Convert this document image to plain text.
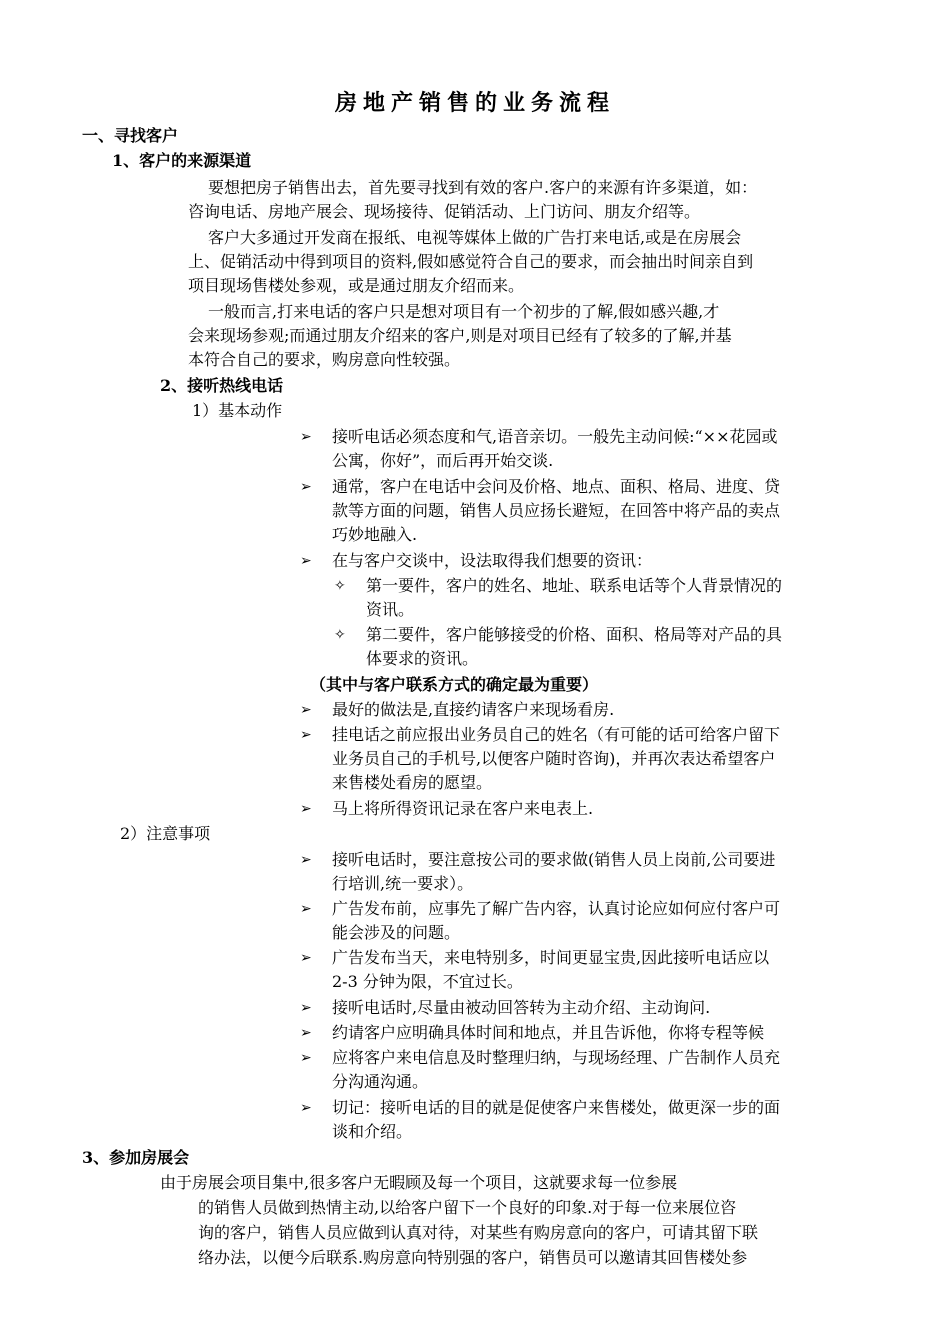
房地产销售的业务流程
一、寻找客户
1、客户的来源渠道
要想把房子销售出去，首先要寻找到有效的客户.客户的来源有许多渠道，如：
咨询电话、房地产展会、现场接待、促销活动、上门访问、朋友介绍等。
客户大多通过开发商在报纸、电视等媒体上做的广告打来电话,或是在房展会
上、促销活动中得到项目的资料,假如感觉符合自己的要求，而会抽出时间亲自到
项目现场售楼处参观，或是通过朋友介绍而来。
一般而言,打来电话的客户只是想对项目有一个初步的了解,假如感兴趣,才
会来现场参观;而通过朋友介绍来的客户,则是对项目已经有了较多的了解,并基
本符合自己的要求，购房意向性较强。
2、接听热线电话
1）基本动作
➢ 接听电话必须态度和气,语音亲切。一般先主动问候:“××花园或
公寓，你好”，而后再开始交谈.
➢ 通常，客户在电话中会问及价格、地点、面积、格局、进度、贷
款等方面的问题，销售人员应扬长避短，在回答中将产品的卖点
巧妙地融入.
➢ 在与客户交谈中，设法取得我们想要的资讯：
✧ 第一要件，客户的姓名、地址、联系电话等个人背景情况的
资讯。
✧ 第二要件，客户能够接受的价格、面积、格局等对产品的具
体要求的资讯。
（其中与客户联系方式的确定最为重要）
➢ 最好的做法是,直接约请客户来现场看房.
➢ 挂电话之前应报出业务员自己的姓名（有可能的话可给客户留下
业务员自己的手机号,以便客户随时咨询)，并再次表达希望客户
来售楼处看房的愿望。
➢ 马上将所得资讯记录在客户来电表上.
2）注意事项
➢ 接听电话时，要注意按公司的要求做(销售人员上岗前,公司要进
行培训,统一要求）。
➢ 广告发布前，应事先了解广告内容，认真讨论应如何应付客户可
能会涉及的问题。
➢ 广告发布当天，来电特别多，时间更显宝贵,因此接听电话应以
2-3 分钟为限，不宜过长。
➢ 接听电话时,尽量由被动回答转为主动介绍、主动询问.
➢ 约请客户应明确具体时间和地点，并且告诉他，你将专程等候
➢ 应将客户来电信息及时整理归纳，与现场经理、广告制作人员充
分沟通沟通。
➢ 切记：接听电话的目的就是促使客户来售楼处，做更深一步的面
谈和介绍。
3、参加房展会
由于房展会项目集中,很多客户无暇顾及每一个项目，这就要求每一位参展
的销售人员做到热情主动,以给客户留下一个良好的印象.对于每一位来展位咨
询的客户，销售人员应做到认真对待，对某些有购房意向的客户，可请其留下联
络办法，以便今后联系.购房意向特别强的客户，销售员可以邀请其回售楼处参
